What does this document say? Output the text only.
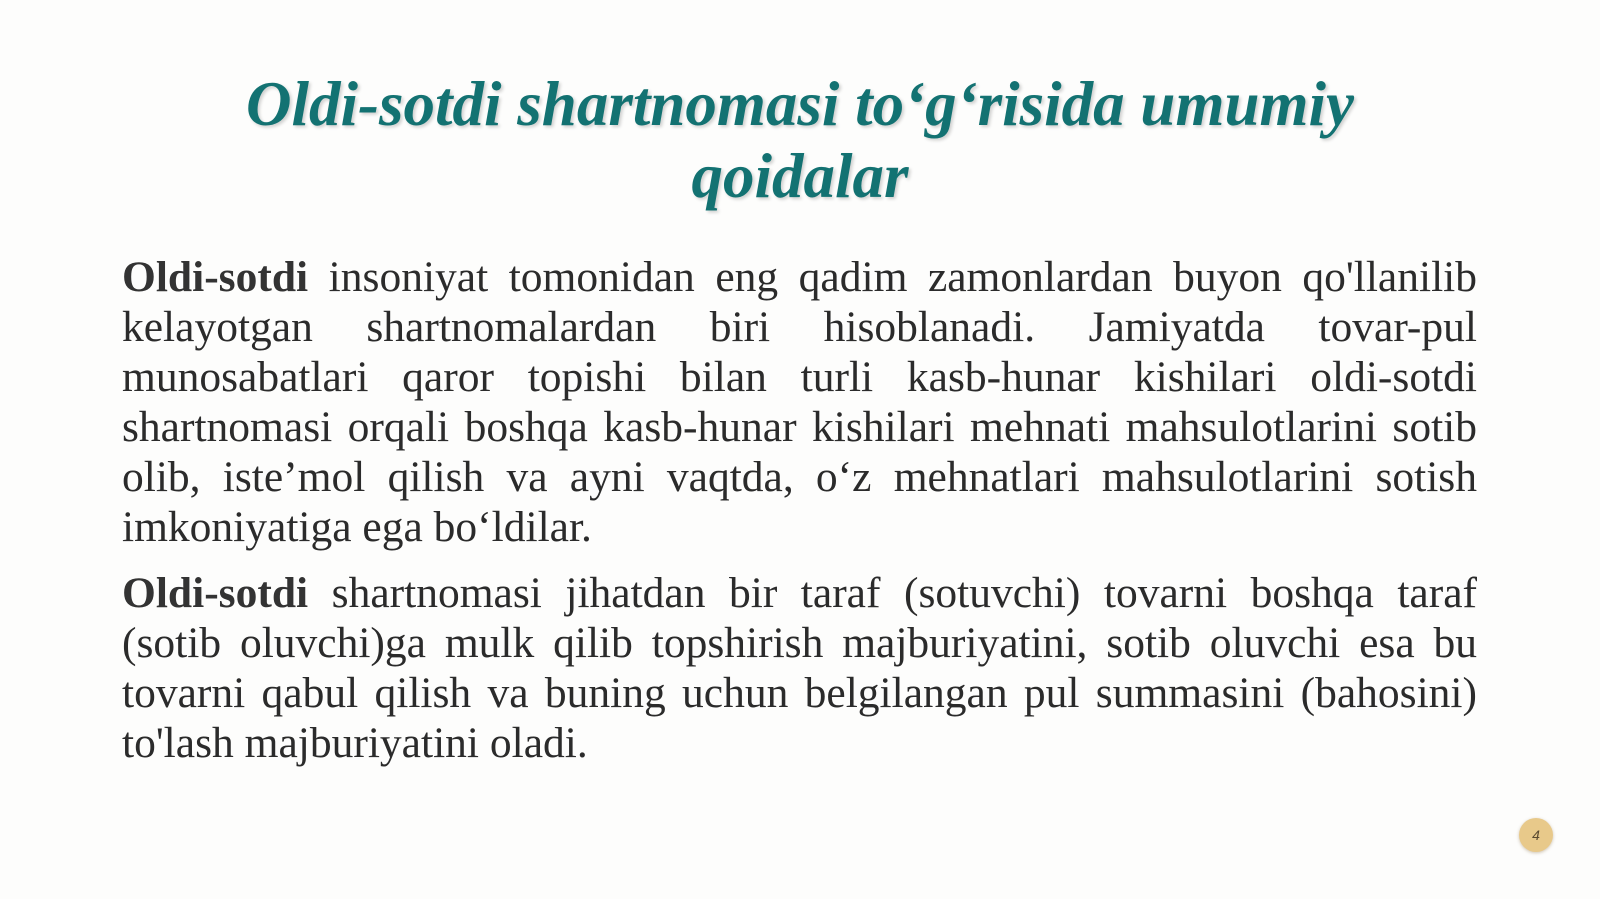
Oldi-sotdi shartnomasi to‘g‘risida umumiy qoidalar

Oldi-sotdi insoniyat tomonidan eng qadim zamonlardan buyon qo'llanilib kelayotgan shartnomalardan biri hisoblanadi. Jamiyatda tovar-pul munosabatlari qaror topishi bilan turli kasb-hunar kishilari oldi-sotdi shartnomasi orqali boshqa kasb-hunar kishilari mehnati mahsulotlarini sotib olib, iste’mol qilish va ayni vaqtda, o‘z mehnatlari mahsulotlarini sotish imkoniyatiga ega bo‘ldilar.

Oldi-sotdi shartnomasi jihatdan bir taraf (sotuvchi) tovarni boshqa taraf (sotib oluvchi)ga mulk qilib topshirish majburiyatini, sotib oluvchi esa bu tovarni qabul qilish va buning uchun belgilangan pul summasini (bahosini) to'lash majburiyatini oladi.

4
